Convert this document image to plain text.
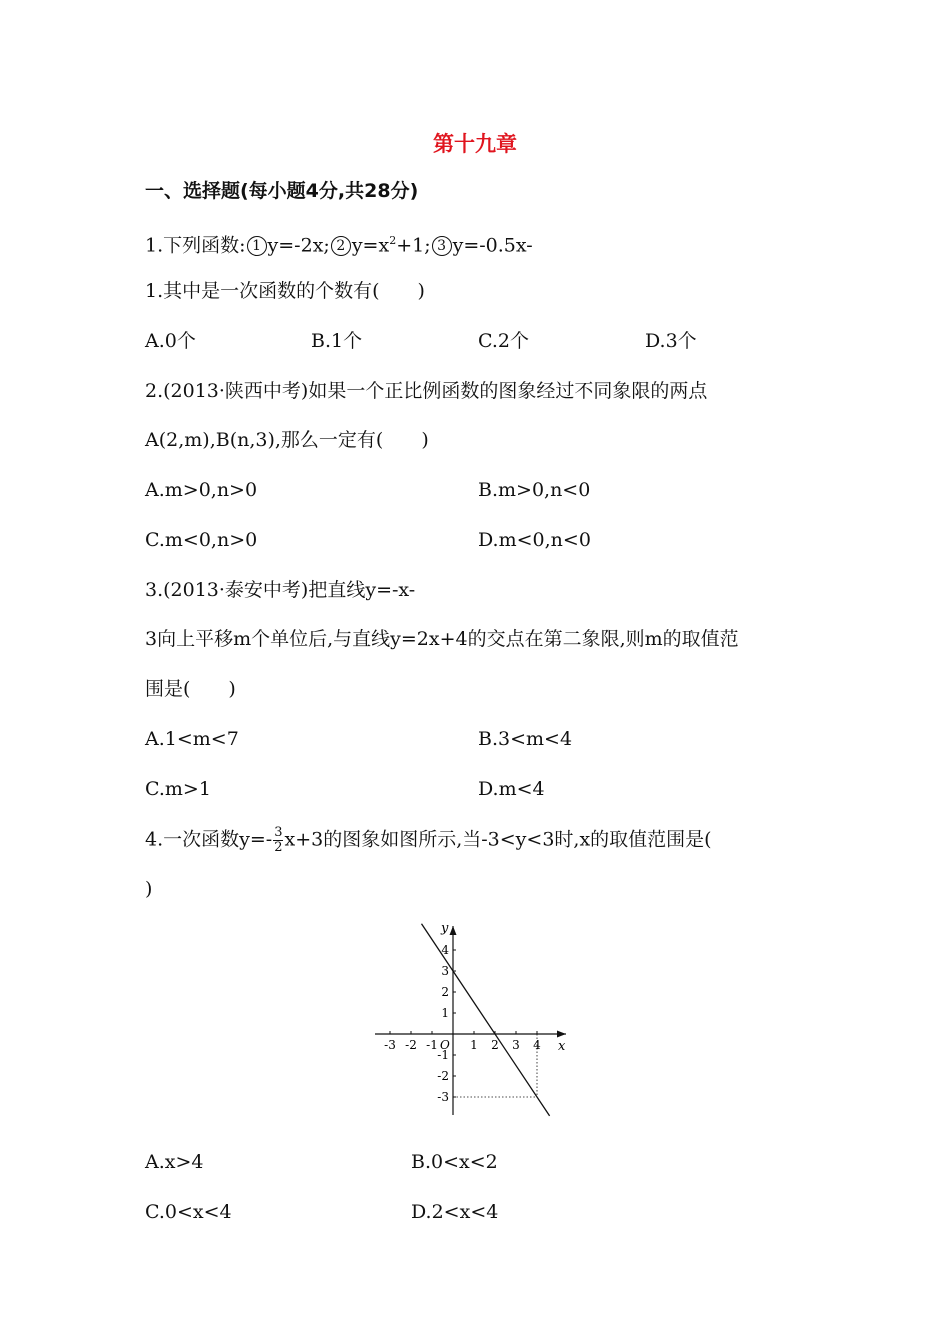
第十九章
一、选择题(每小题4分,共28分)
1.下列函数: 1 y=-2x; 2 $y=x^2+1$; 3 y=-0.5x-
1.其中是一次函数的个数有(　　)
A.0个	B.1个	C.2个	D.3个
2.(2013·陕西中考)如果一个正比例函数的图象经过不同象限的两点
A(2,m),B(n,3),那么一定有(　　)
A.m>0,n>0	B.m>0,n<0
C.m<0,n>0	D.m<0,n<0
3.(2013·泰安中考)把直线y=-x-
3向上平移m个单位后,与直线y=2x+4的交点在第二象限,则m的取值范
围是(　　)
A.1<m<7	B.3<m<4
C.m>1	D.m<4
4.一次函数$y=- \frac{3}{2} x+3$的图象如图所示,当-3<y<3时,x的取值范围是(
)
x
y
O
-3 -2 -1	1 2 3 4
4
3
2
1
-1
-2
-3
A.x>4	B.0<x<2
C.0<x<4	D.2<x<4
